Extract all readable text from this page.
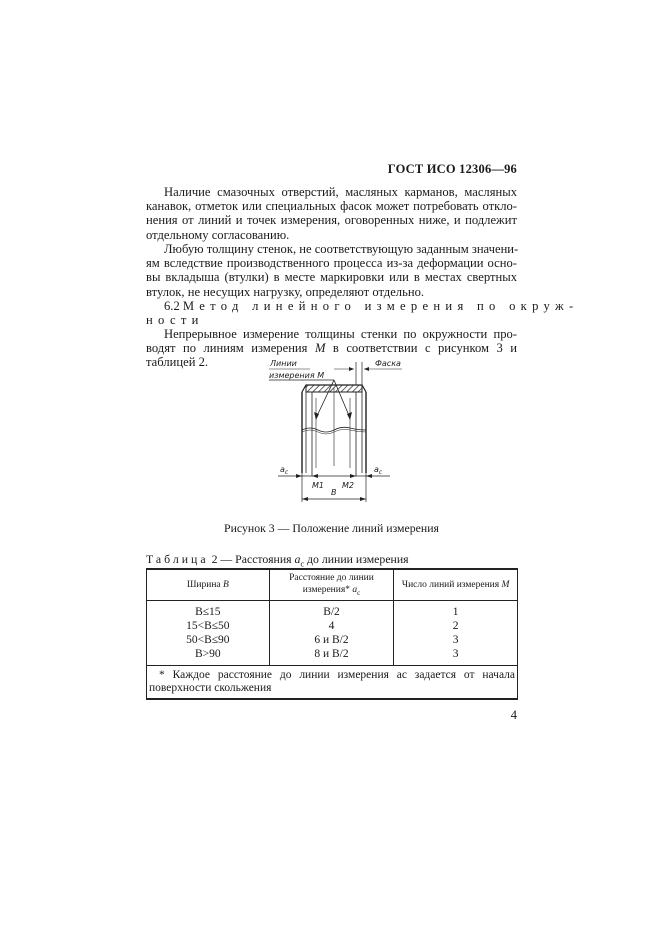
ГОСТ ИСО 12306—96
Наличие смазочных отверстий, масляных карманов, масляных
канавок, отметок или специальных фасок может потребовать откло-
нения от линий и точек измерения, оговоренных ниже, и подлежит
отдельному согласованию.
Любую толщину стенок, не соответствующую заданным значени-
ям вследствие производственного процесса из-за деформации осно-
вы вкладыша (втулки) в месте маркировки или в местах свертных
втулок, не несущих нагрузку, определяют отдельно.
6.2 Метод линейного измерения по окруж-
ности
Непрерывное измерение толщины стенки по окружности про-
водят по линиям измерения M в соответствии с рисунком 3 и
таблицей 2.	Линии
измерения M
Фаска
$a_c$	$a_c$
M1 M2
B
Рисунок 3 — Положение линий измерения
Таблица 2 — Расстояния $a_c$ до линии измерения
Ширина B	Расстояние до линии
измерения* $a_c$	Число линий измерения M
B≤15	B/2	1
15<B≤50	4	2
50<B≤90	6 и B/2	3
B>90	8 и B/2	3

* Каждое расстояние до линии измерения aс задается от начала
поверхности скольжения		
4
